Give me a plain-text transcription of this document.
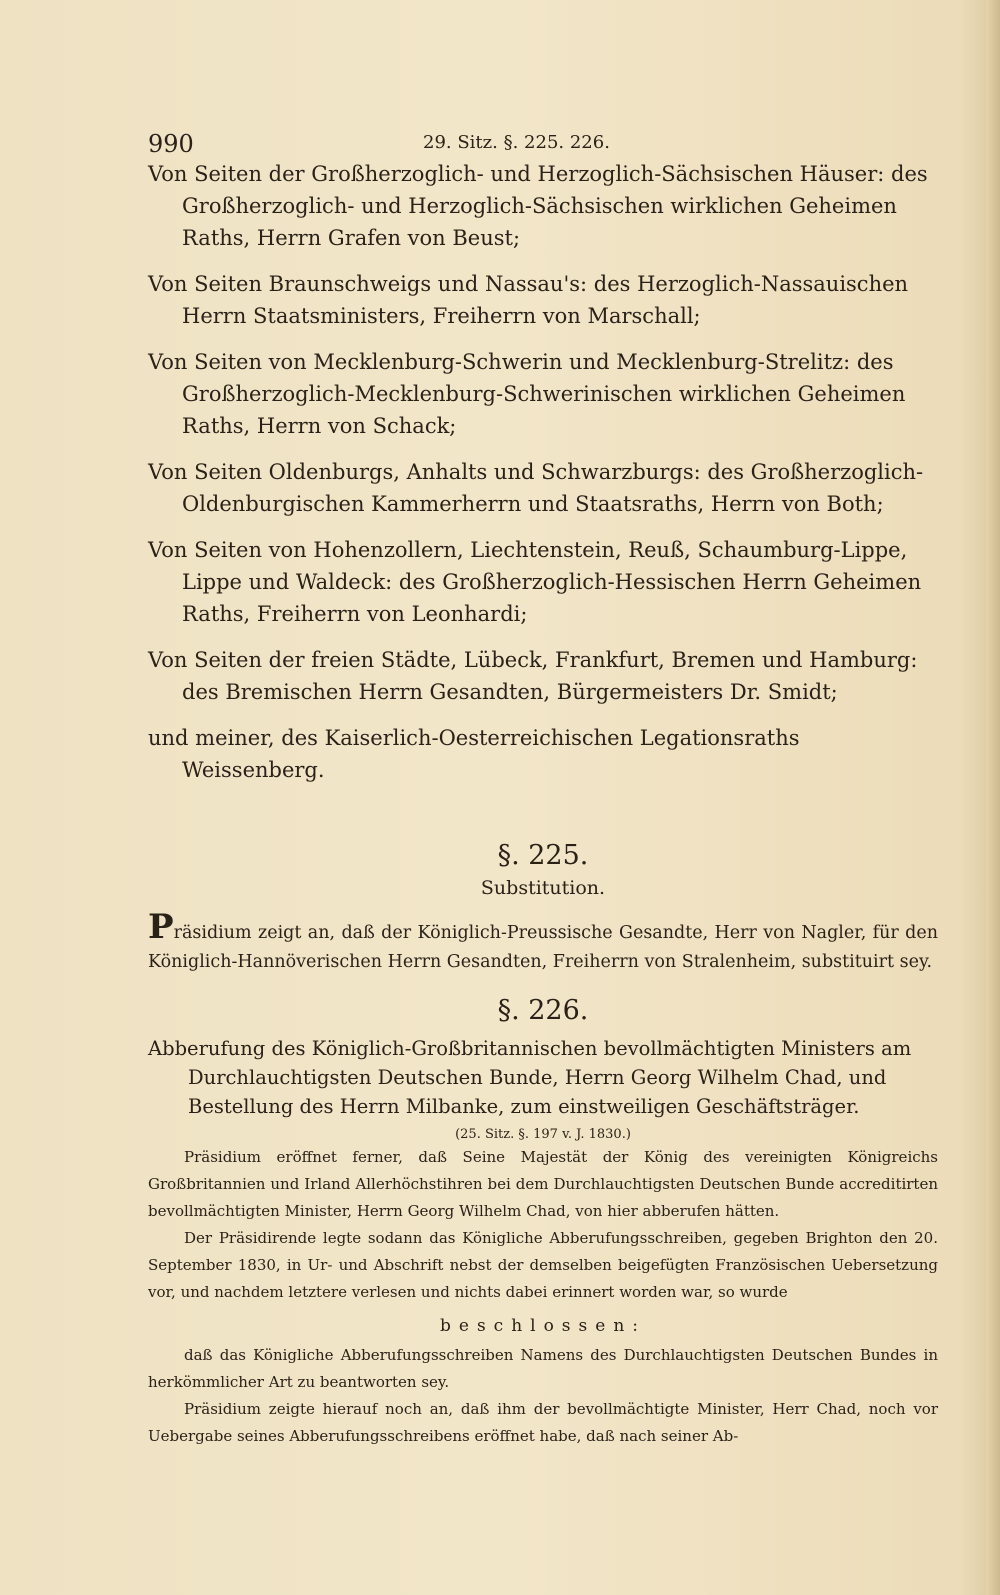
990	29. Sitz. §. 225. 226.

Von Seiten der Großherzoglich- und Herzoglich-Sächsischen Häuser: des Großherzoglich- und Herzoglich-Sächsischen wirklichen Geheimen Raths, Herrn Grafen von Beust;

Von Seiten Braunschweigs und Nassau's: des Herzoglich-Nassauischen Herrn Staatsministers, Freiherrn von Marschall;

Von Seiten von Mecklenburg-Schwerin und Mecklenburg-Strelitz: des Großherzoglich-Mecklenburg-Schwerinischen wirklichen Geheimen Raths, Herrn von Schack;

Von Seiten Oldenburgs, Anhalts und Schwarzburgs: des Großherzoglich-Oldenburgischen Kammerherrn und Staatsraths, Herrn von Both;

Von Seiten von Hohenzollern, Liechtenstein, Reuß, Schaumburg-Lippe, Lippe und Waldeck: des Großherzoglich-Hessischen Herrn Geheimen Raths, Freiherrn von Leonhardi;

Von Seiten der freien Städte, Lübeck, Frankfurt, Bremen und Hamburg: des Bremischen Herrn Gesandten, Bürgermeisters Dr. Smidt;

und meiner, des Kaiserlich-Oesterreichischen Legationsraths Weissenberg.

§. 225.
Substitution.

Präsidium zeigt an, daß der Königlich-Preussische Gesandte, Herr von Nagler, für den Königlich-Hannöverischen Herrn Gesandten, Freiherrn von Stralenheim, substituirt sey.

§. 226.

Abberufung des Königlich-Großbritannischen bevollmächtigten Ministers am Durchlauchtigsten Deutschen Bunde, Herrn Georg Wilhelm Chad, und Bestellung des Herrn Milbanke, zum einstweiligen Geschäftsträger.

(25. Sitz. §. 197 v. J. 1830.)

Präsidium eröffnet ferner, daß Seine Majestät der König des vereinigten Königreichs Großbritannien und Irland Allerhöchstihren bei dem Durchlauchtigsten Deutschen Bunde accreditirten bevollmächtigten Minister, Herrn Georg Wilhelm Chad, von hier abberufen hätten.

Der Präsidirende legte sodann das Königliche Abberufungsschreiben, gegeben Brighton den 20. September 1830, in Ur- und Abschrift nebst der demselben beigefügten Französischen Uebersetzung vor, und nachdem letztere verlesen und nichts dabei erinnert worden war, so wurde

beschlossen:

daß das Königliche Abberufungsschreiben Namens des Durchlauchtigsten Deutschen Bundes in herkömmlicher Art zu beantworten sey.

Präsidium zeigte hierauf noch an, daß ihm der bevollmächtigte Minister, Herr Chad, noch vor Uebergabe seines Abberufungsschreibens eröffnet habe, daß nach seiner Ab-
